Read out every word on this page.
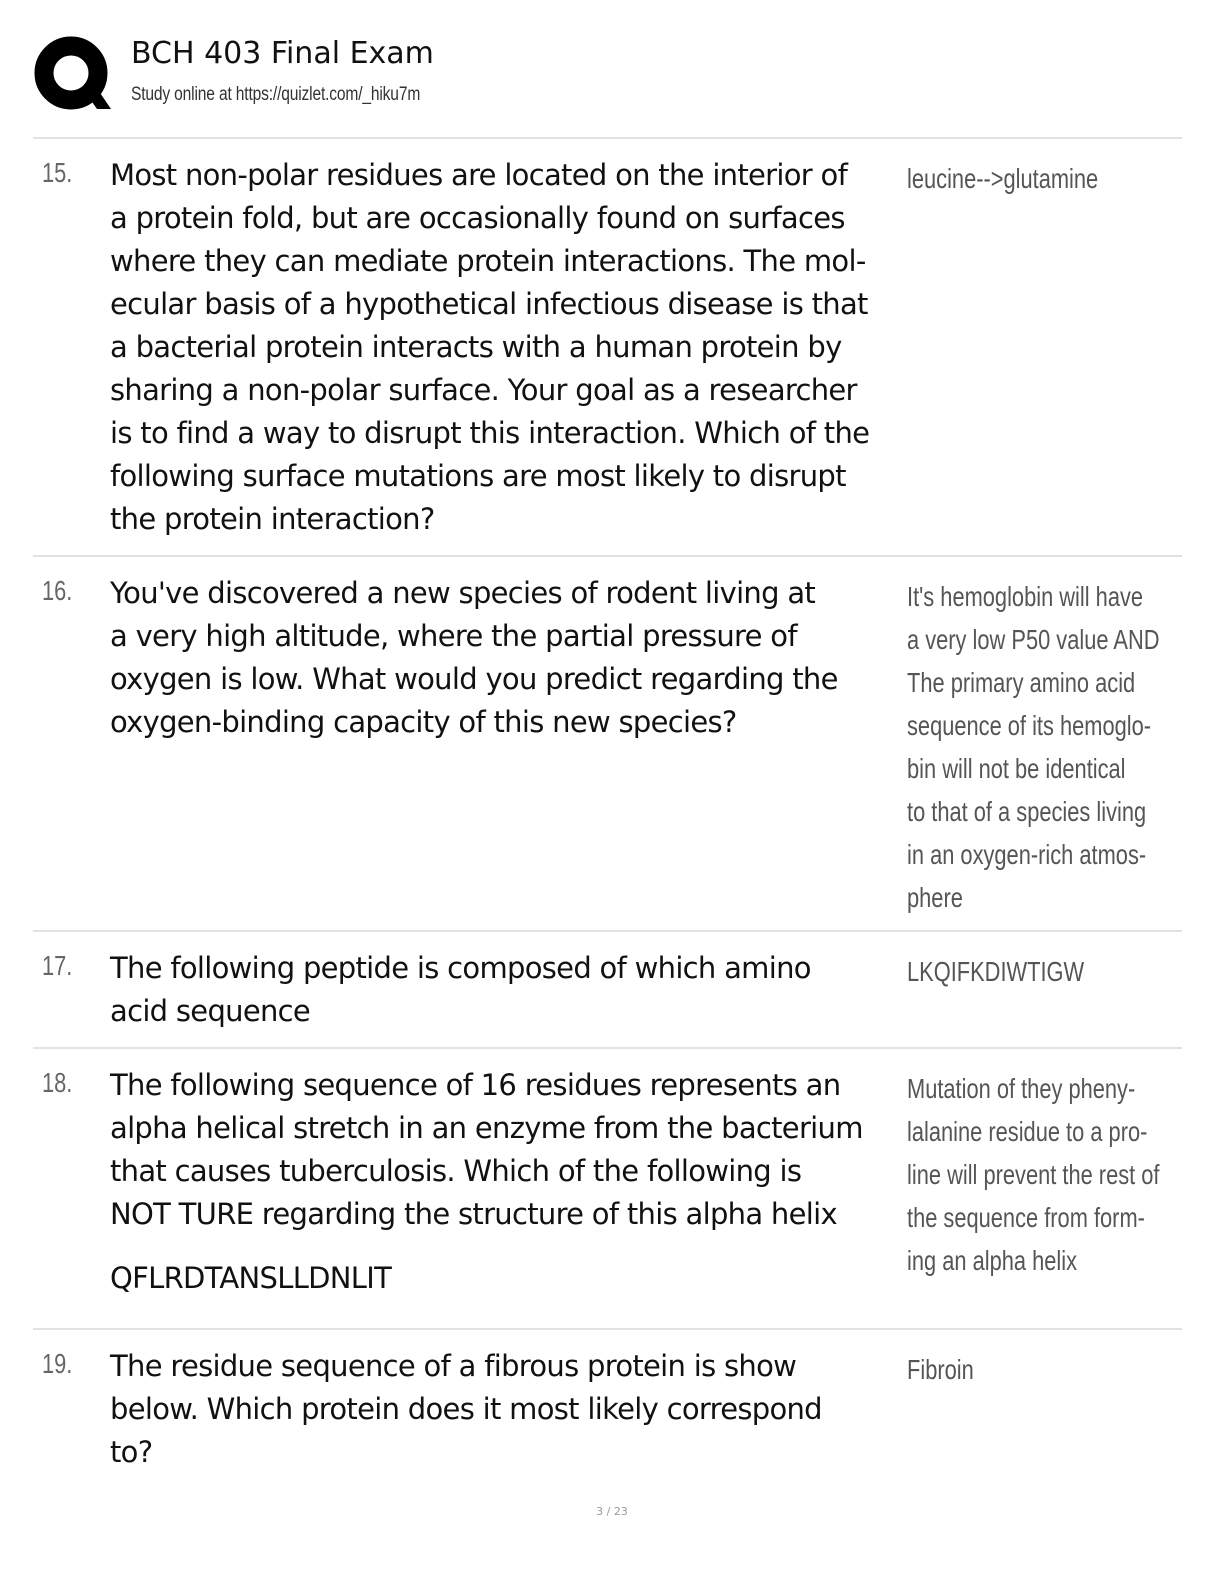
BCH 403 Final Exam
Study online at https://quizlet.com/_hiku7m
15. Most non-polar residues are located on the interior of
a protein fold, but are occasionally found on surfaces
where they can mediate protein interactions. The mol-
ecular basis of a hypothetical infectious disease is that
a bacterial protein interacts with a human protein by
sharing a non-polar surface. Your goal as a researcher
is to find a way to disrupt this interaction. Which of the
following surface mutations are most likely to disrupt
the protein interaction?
leucine-->glutamine
16. You've discovered a new species of rodent living at
a very high altitude, where the partial pressure of
oxygen is low. What would you predict regarding the
oxygen-binding capacity of this new species?
It's hemoglobin will have
a very low P50 value AND
The primary amino acid
sequence of its hemoglo-
bin will not be identical
to that of a species living
in an oxygen-rich atmos-
phere
17. The following peptide is composed of which amino
acid sequence
LKQIFKDIWTIGW
18. The following sequence of 16 residues represents an
alpha helical stretch in an enzyme from the bacterium
that causes tuberculosis. Which of the following is
NOT TURE regarding the structure of this alpha helix
QFLRDTANSLLDNLIT
Mutation of they pheny-
lalanine residue to a pro-
line will prevent the rest of
the sequence from form-
ing an alpha helix
19. The residue sequence of a fibrous protein is show
below. Which protein does it most likely correspond
to?
Fibroin
3 / 23
